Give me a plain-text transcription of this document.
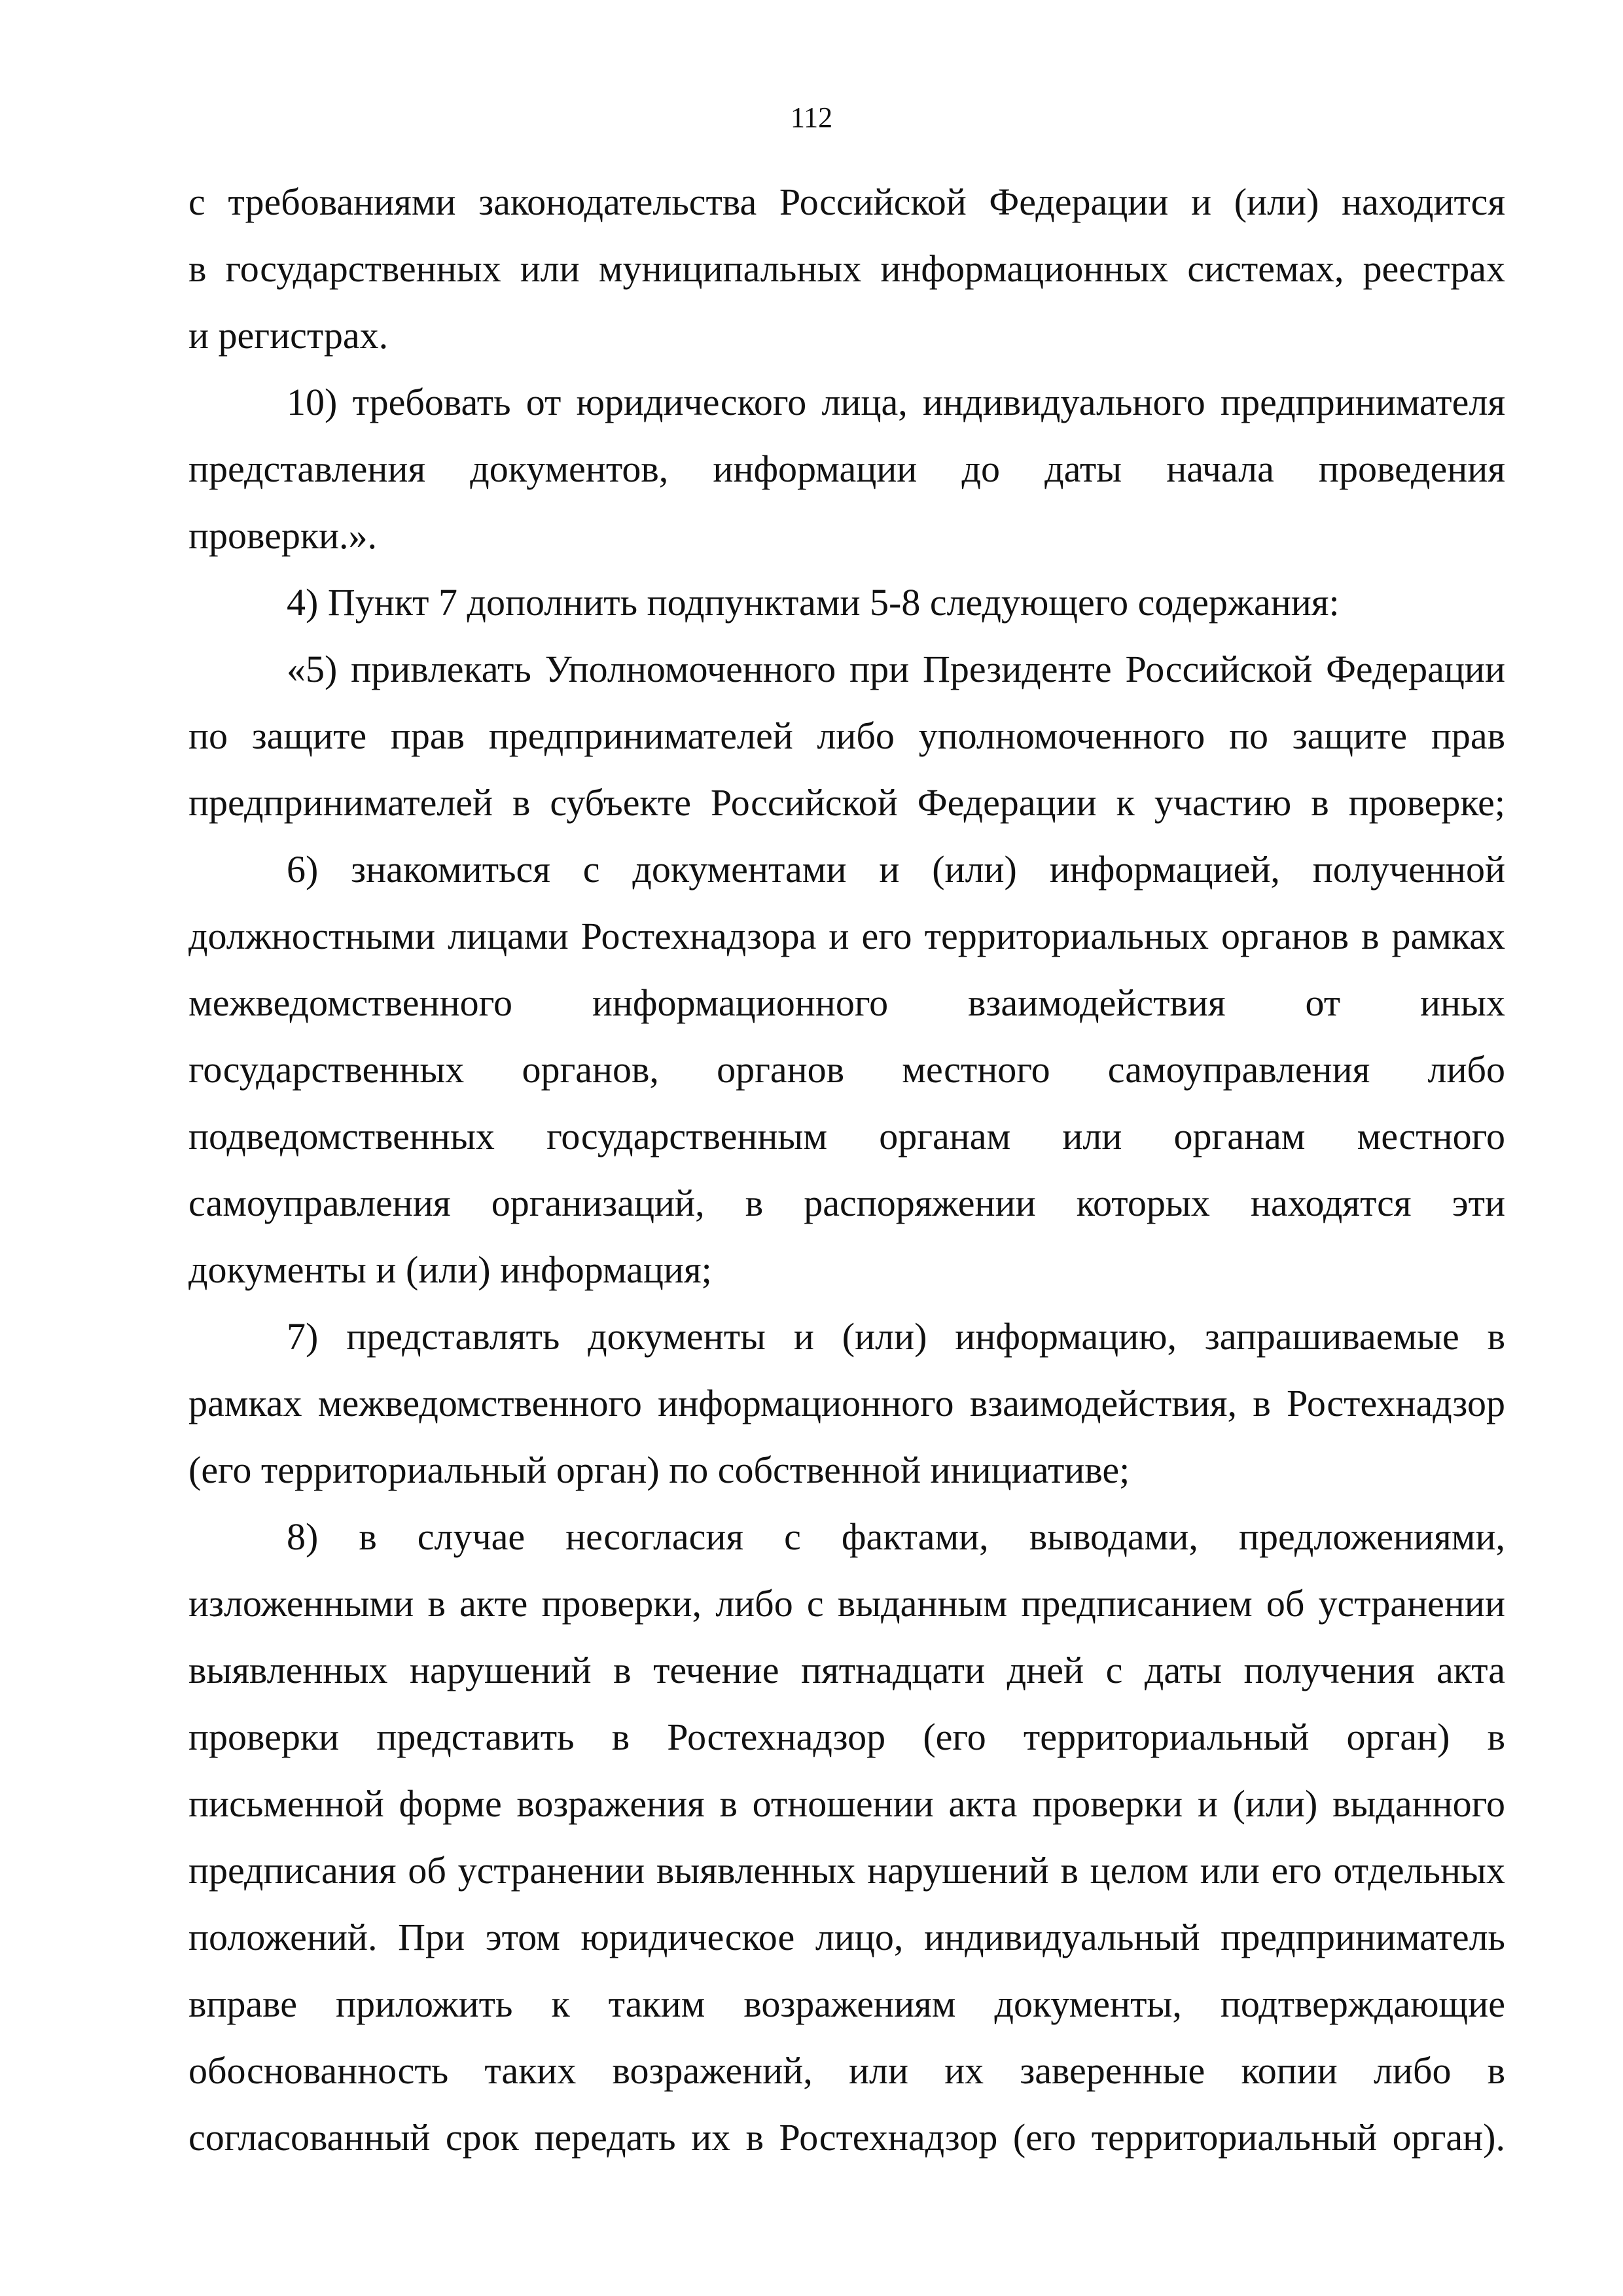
112

с требованиями законодательства Российской Федерации и (или) находится
в государственных или муниципальных информационных системах, реестрах
и регистрах.

10) требовать от юридического лица, индивидуального предпринимателя
представления документов, информации до даты начала проведения
проверки.».

4) Пункт 7 дополнить подпунктами 5-8 следующего содержания:

«5) привлекать Уполномоченного при Президенте Российской Федерации
по защите прав предпринимателей либо уполномоченного по защите прав
предпринимателей в субъекте Российской Федерации к участию в проверке;

6) знакомиться с документами и (или) информацией, полученной
должностными лицами Ростехнадзора и его территориальных органов в рамках
межведомственного информационного взаимодействия от иных
государственных органов, органов местного самоуправления либо
подведомственных государственным органам или органам местного
самоуправления организаций, в распоряжении которых находятся эти
документы и (или) информация;

7) представлять документы и (или) информацию, запрашиваемые в
рамках межведомственного информационного взаимодействия, в Ростехнадзор
(его территориальный орган) по собственной инициативе;

8) в случае несогласия с фактами, выводами, предложениями,
изложенными в акте проверки, либо с выданным предписанием об устранении
выявленных нарушений в течение пятнадцати дней с даты получения акта
проверки представить в Ростехнадзор (его территориальный орган) в
письменной форме возражения в отношении акта проверки и (или) выданного
предписания об устранении выявленных нарушений в целом или его отдельных
положений. При этом юридическое лицо, индивидуальный предприниматель
вправе приложить к таким возражениям документы, подтверждающие
обоснованность таких возражений, или их заверенные копии либо в
согласованный срок передать их в Ростехнадзор (его территориальный орган).
